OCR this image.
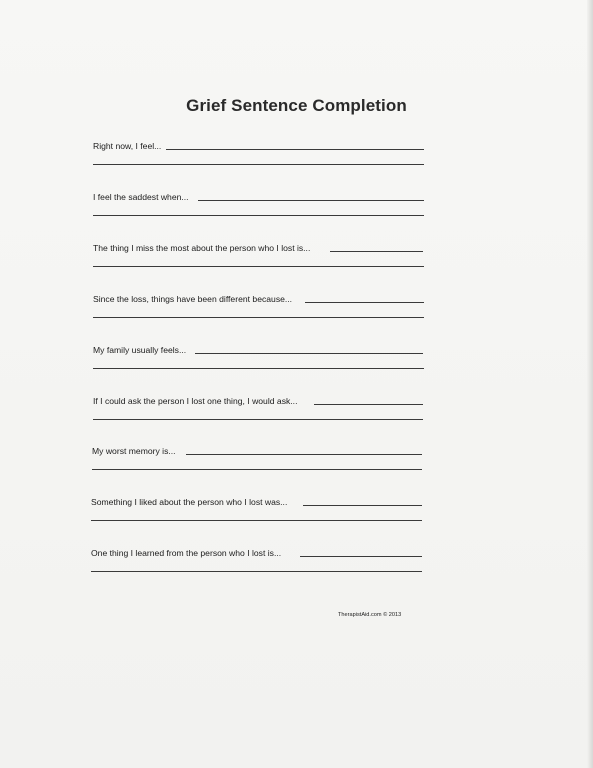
Grief Sentence Completion
Right now, I feel...
I feel the saddest when...
The thing I miss the most about the person who I lost is...
Since the loss, things have been different because...
My family usually feels...
If I could ask the person I lost one thing, I would ask...
My worst memory is...
Something I liked about the person who I lost was...
One thing I learned from the person who I lost is...
TherapistAid.com © 2013
